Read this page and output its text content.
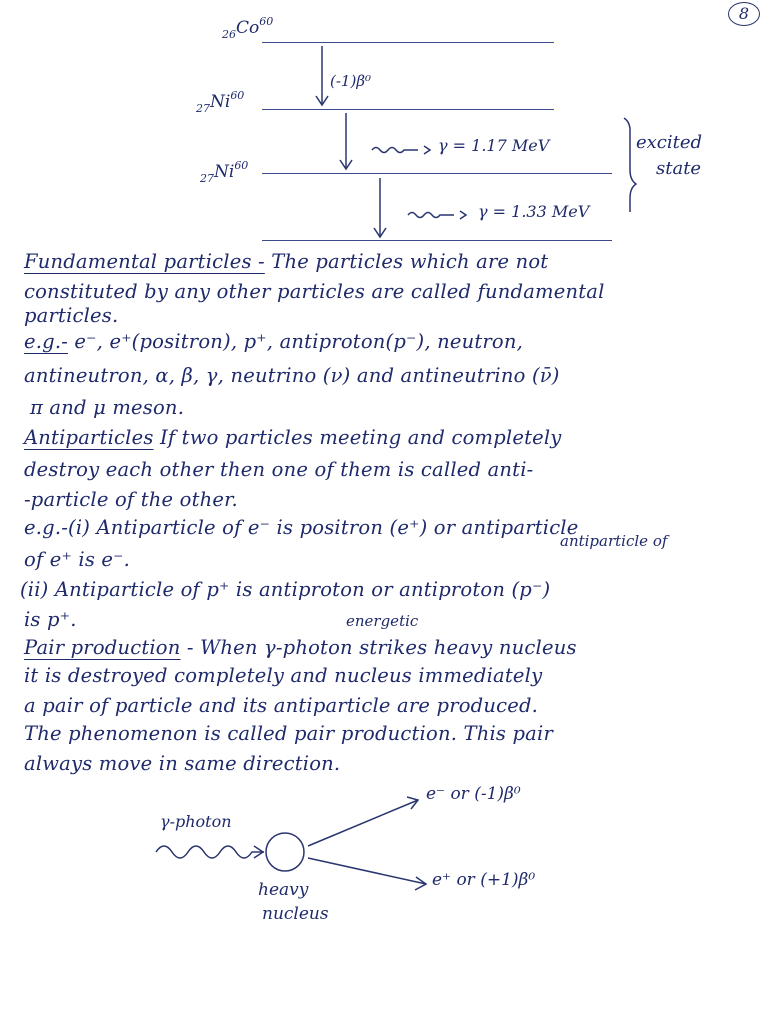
8
$_{26}Co^{60}$
$_{27}Ni^{60}$
$_{27}Ni^{60}$
(-1)β⁰
γ = 1.17 MeV
γ = 1.33 MeV
excited
state
Fundamental particles - The particles which are not
constituted by any other particles are called fundamental
particles.
e.g.- e⁻, e⁺(positron), p⁺, antiproton(p⁻), neutron,
antineutron, α, β, γ, neutrino (ν) and antineutrino (ν̄)
π and μ meson.
Antiparticles If two particles meeting and completely
destroy each other then one of them is called anti-
-particle of the other.
e.g.-(i) Antiparticle of e⁻ is positron (e⁺) or antiparticle
of e⁺ is e⁻.
antiparticle of
(ii) Antiparticle of p⁺ is antiproton or antiproton (p⁻)
is p⁺.	energetic
Pair production - When γ-photon strikes heavy nucleus
it is destroyed completely and nucleus immediately
a pair of particle and its antiparticle are produced.
The phenomenon is called pair production. This pair
always move in same direction.
γ-photon
heavy
nucleus
e⁻ or (-1)β⁰
e⁺ or (+1)β⁰
